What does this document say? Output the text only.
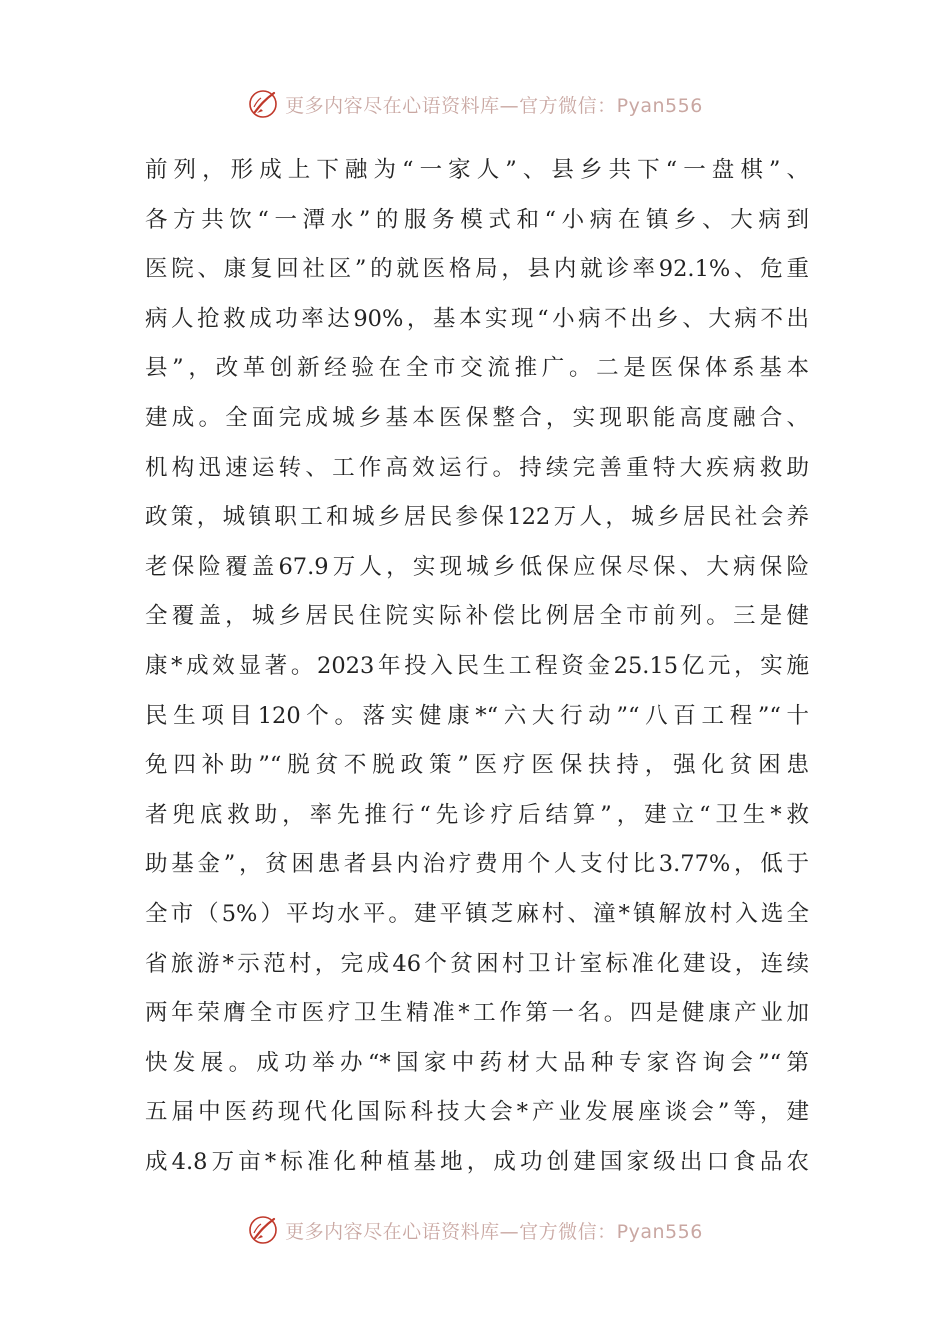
更多内容尽在心语资料库—官方微信：Pyan556
前列，形成上下融为“一家人”、县乡共下“一盘棋”、
各方共饮“一潭水”的服务模式和“小病在镇乡、大病到
医院、康复回社区”的就医格局，县内就诊率92.1%、危重
病人抢救成功率达90%，基本实现“小病不出乡、大病不出
县”，改革创新经验在全市交流推广。二是医保体系基本
建成。全面完成城乡基本医保整合，实现职能高度融合、
机构迅速运转、工作高效运行。持续完善重特大疾病救助
政策，城镇职工和城乡居民参保122万人，城乡居民社会养
老保险覆盖67.9万人，实现城乡低保应保尽保、大病保险
全覆盖，城乡居民住院实际补偿比例居全市前列。三是健
康*成效显著。2023年投入民生工程资金25.15亿元，实施
民生项目120个。落实健康*“六大行动”“八百工程”“十
免四补助”“脱贫不脱政策”医疗医保扶持，强化贫困患
者兜底救助，率先推行“先诊疗后结算”，建立“卫生*救
助基金”，贫困患者县内治疗费用个人支付比3.77%，低于
全市（5%）平均水平。建平镇芝麻村、潼*镇解放村入选全
省旅游*示范村，完成46个贫困村卫计室标准化建设，连续
两年荣膺全市医疗卫生精准*工作第一名。四是健康产业加
快发展。成功举办“*国家中药材大品种专家咨询会”“第
五届中医药现代化国际科技大会*产业发展座谈会”等，建
成4.8万亩*标准化种植基地，成功创建国家级出口食品农
更多内容尽在心语资料库—官方微信：Pyan556
